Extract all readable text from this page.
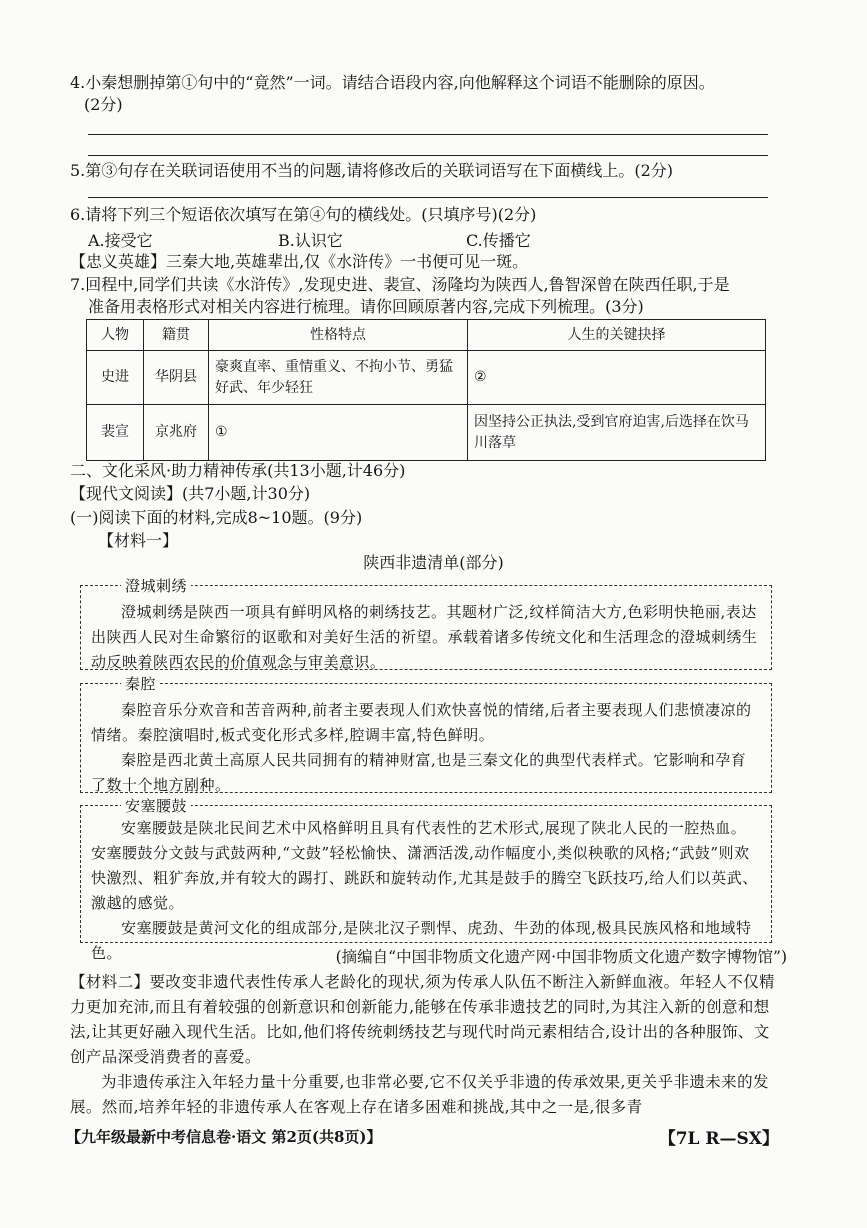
4.小秦想删掉第①句中的“竟然”一词。请结合语段内容,向他解释这个词语不能删除的原因。
(2分)
5.第③句存在关联词语使用不当的问题,请将修改后的关联词语写在下面横线上。(2分)
6.请将下列三个短语依次填写在第④句的横线处。(只填序号)(2分)
A.接受它	B.认识它	C.传播它
【忠义英雄】三秦大地,英雄辈出,仅《水浒传》一书便可见一斑。
7.回程中,同学们共读《水浒传》,发现史进、裴宣、汤隆均为陕西人,鲁智深曾在陕西任职,于是
准备用表格形式对相关内容进行梳理。请你回顾原著内容,完成下列梳理。(3分)
人物	籍贯	性格特点	人生的关键抉择
史进	华阴县	豪爽直率、重情重义、不拘小节、勇猛好武、年少轻狂	②
裴宣	京兆府	①	因坚持公正执法,受到官府迫害,后选择在饮马川落草
二、文化采风·助力精神传承(共13小题,计46分)
【现代文阅读】(共7小题,计30分)
(一)阅读下面的材料,完成8~10题。(9分)
【材料一】
陕西非遗清单(部分)
澄城刺绣

澄城刺绣是陕西一项具有鲜明风格的刺绣技艺。其题材广泛,纹样简洁大方,色彩明快艳丽,表达出陕西人民对生命繁衍的讴歌和对美好生活的祈望。承载着诸多传统文化和生活理念的澄城刺绣生动反映着陕西农民的价值观念与审美意识。

秦腔

秦腔音乐分欢音和苦音两种,前者主要表现人们欢快喜悦的情绪,后者主要表现人们悲愤凄凉的情绪。秦腔演唱时,板式变化形式多样,腔调丰富,特色鲜明。

秦腔是西北黄土高原人民共同拥有的精神财富,也是三秦文化的典型代表样式。它影响和孕育了数十个地方剧种。

安塞腰鼓

安塞腰鼓是陕北民间艺术中风格鲜明且具有代表性的艺术形式,展现了陕北人民的一腔热血。安塞腰鼓分文鼓与武鼓两种,“文鼓”轻松愉快、潇洒活泼,动作幅度小,类似秧歌的风格;“武鼓”则欢快激烈、粗犷奔放,并有较大的踢打、跳跃和旋转动作,尤其是鼓手的腾空飞跃技巧,给人们以英武、激越的感觉。

安塞腰鼓是黄河文化的组成部分,是陕北汉子剽悍、虎劲、牛劲的体现,极具民族风格和地域特色。	(摘编自“中国非物质文化遗产网·中国非物质文化遗产数字博物馆”)
【材料二】要改变非遗代表性传承人老龄化的现状,须为传承人队伍不断注入新鲜血液。年轻人不仅精力更加充沛,而且有着较强的创新意识和创新能力,能够在传承非遗技艺的同时,为其注入新的创意和想法,让其更好融入现代生活。比如,他们将传统刺绣技艺与现代时尚元素相结合,设计出的各种服饰、文创产品深受消费者的喜爱。
为非遗传承注入年轻力量十分重要,也非常必要,它不仅关乎非遗的传承效果,更关乎非遗未来的发展。然而,培养年轻的非遗传承人在客观上存在诸多困难和挑战,其中之一是,很多青
【九年级最新中考信息卷·语文 第2页(共8页)】	【7L R—SX】
